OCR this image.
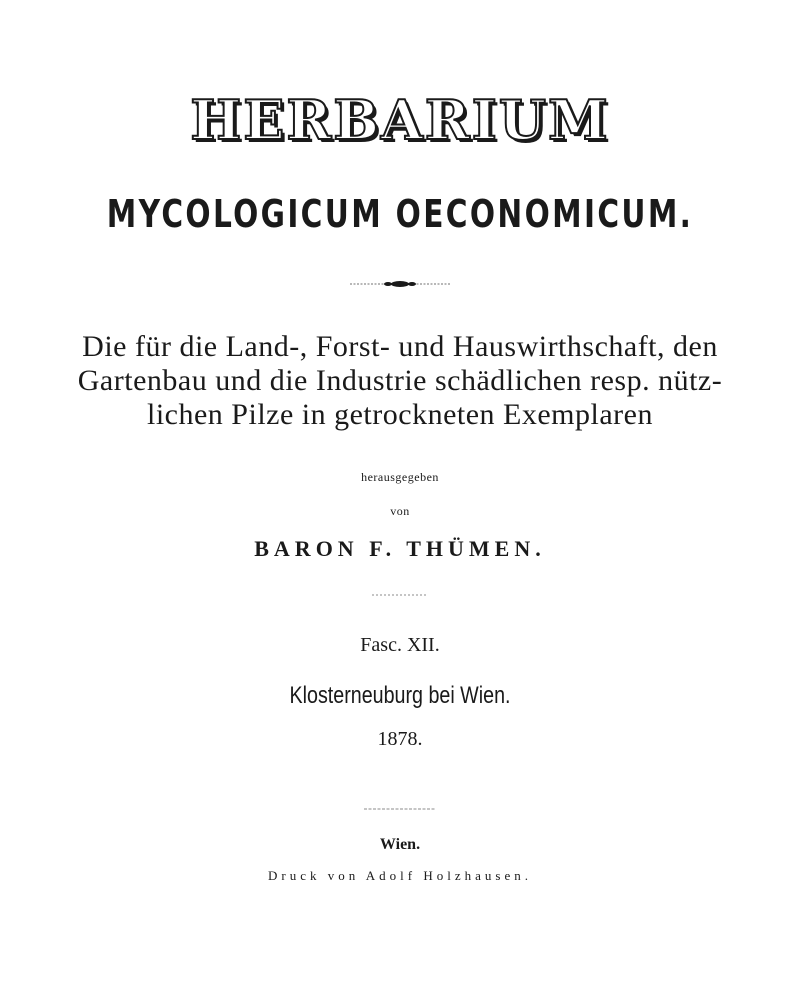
HERBARIUM
MYCOLOGICUM OECONOMICUM.
Die für die Land-, Forst- und Hauswirthschaft, den
Gartenbau und die Industrie schädlichen resp. nütz-
lichen Pilze in getrockneten Exemplaren
herausgegeben
von
BARON F. THÜMEN.
Fasc. XII.
Klosterneuburg bei Wien.
1878.
Wien.
Druck von Adolf Holzhausen.
